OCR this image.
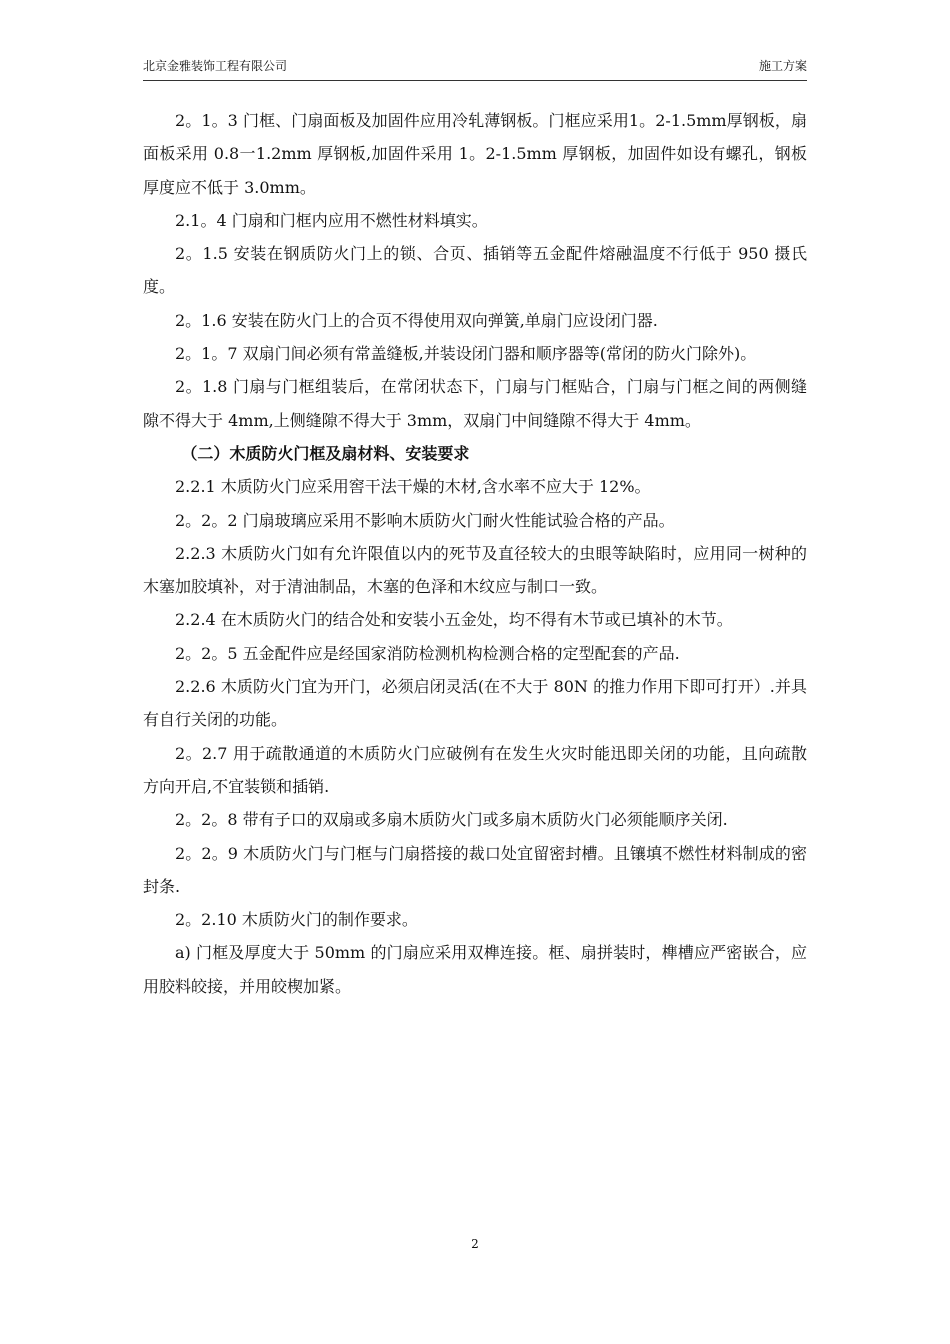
北京金雅装饰工程有限公司	施工方案

2。1。3 门框、门扇面板及加固件应用冷轧薄钢板。门框应采用1。2-1.5mm厚钢板，扇面板采用 0.8一1.2mm 厚钢板,加固件采用 1。2-1.5mm 厚钢板，加固件如设有螺孔，钢板厚度应不低于 3.0mm。

2.1。4 门扇和门框内应用不燃性材料填实。

2。1.5 安装在钢质防火门上的锁、合页、插销等五金配件熔融温度不行低于 950 摄氏度。

2。1.6 安装在防火门上的合页不得使用双向弹簧,单扇门应设闭门器.

2。1。7 双扇门间必须有常盖缝板,并装设闭门器和顺序器等(常闭的防火门除外)。

2。1.8 门扇与门框组装后，在常闭状态下，门扇与门框贴合，门扇与门框之间的两侧缝隙不得大于 4mm,上侧缝隙不得大于 3mm，双扇门中间缝隙不得大于 4mm。

（二）木质防火门框及扇材料、安装要求

2.2.1 木质防火门应采用窖干法干燥的木材,含水率不应大于 12%。

2。2。2 门扇玻璃应采用不影响木质防火门耐火性能试验合格的产品。

2.2.3 木质防火门如有允许限值以内的死节及直径较大的虫眼等缺陷时，应用同一树种的木塞加胶填补，对于清油制品，木塞的色泽和木纹应与制口一致。

2.2.4 在木质防火门的结合处和安装小五金处，均不得有木节或已填补的木节。

2。2。5 五金配件应是经国家消防检测机构检测合格的定型配套的产品.

2.2.6 木质防火门宜为开门，必须启闭灵活(在不大于 80N 的推力作用下即可打开）.并具有自行关闭的功能。

2。2.7 用于疏散通道的木质防火门应破例有在发生火灾时能迅即关闭的功能，且向疏散方向开启,不宜装锁和插销.

2。2。8 带有子口的双扇或多扇木质防火门或多扇木质防火门必须能顺序关闭.

2。2。9 木质防火门与门框与门扇搭接的裁口处宜留密封槽。且镶填不燃性材料制成的密封条.

2。2.10 木质防火门的制作要求。

a) 门框及厚度大于 50mm 的门扇应采用双榫连接。框、扇拼装时，榫槽应严密嵌合，应用胶料皎接，并用皎楔加紧。

2
